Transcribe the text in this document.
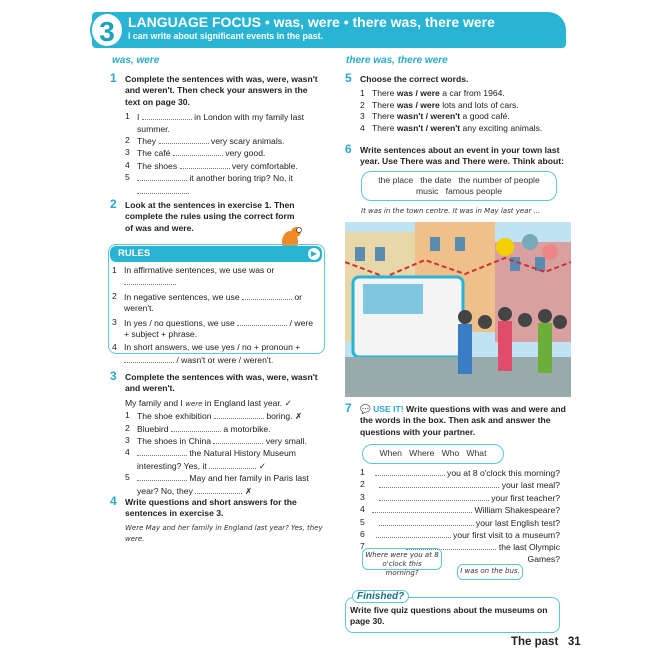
3 LANGUAGE FOCUS • was, were • there was, there were
I can write about significant events in the past.
was, were
1 Complete the sentences with was, were, wasn't and weren't. Then check your answers in the text on page 30.
1 I	in London with my family last summer.
2 They	very scary animals.
3 The café	very good.
4 The shoes	very comfortable.
5	it another boring trip? No, it
.
2 Look at the sentences in exercise 1. Then complete the rules using the correct form of was and were.
RULES	▶
1 In affirmative sentences, we use was or
.
2 In negative sentences, we use	or weren't.
3 In yes / no questions, we use	/ were + subject + phrase.
4 In short answers, we use yes / no + pronoun +
/ wasn't or were / weren't.
3 Complete the sentences with was, were, wasn't and weren't.
My family and I were in England last year. ✓
1 The shoe exhibition	boring. ✗
2 Bluebird	a motorbike.
3 The shoes in China	very small.
4	the Natural History Museum interesting? Yes, it	. ✓
5	May and her family in Paris last year? No, they	. ✗
4 Write questions and short answers for the sentences in exercise 3.
Were May and her family in England last year? Yes, they were.
there was, there were
5 Choose the correct words.
1 There was / were a car from 1964.
2 There was / were lots and lots of cars.
3 There wasn't / weren't a good café.
4 There wasn't / weren't any exciting animals.
6 Write sentences about an event in your town last year. Use There was and There were. Think about:
the place   the date   the number of people
music   famous people
It was in the town centre. It was in May last year ...
7 💬 USE IT! Write questions with was and were and the words in the box. Then ask and answer the questions with your partner.
When   Where   Who   What
1	you at 8 o'clock this morning?
2	your last meal?
3	your first teacher?
4	William Shakespeare?
5	your last English test?
6	your first visit to a museum?
7	the last Olympic Games?
Where were you at 8 o'clock this morning?	I was on the bus.
Finished?
Write five quiz questions about the museums on page 30.
The past 31
